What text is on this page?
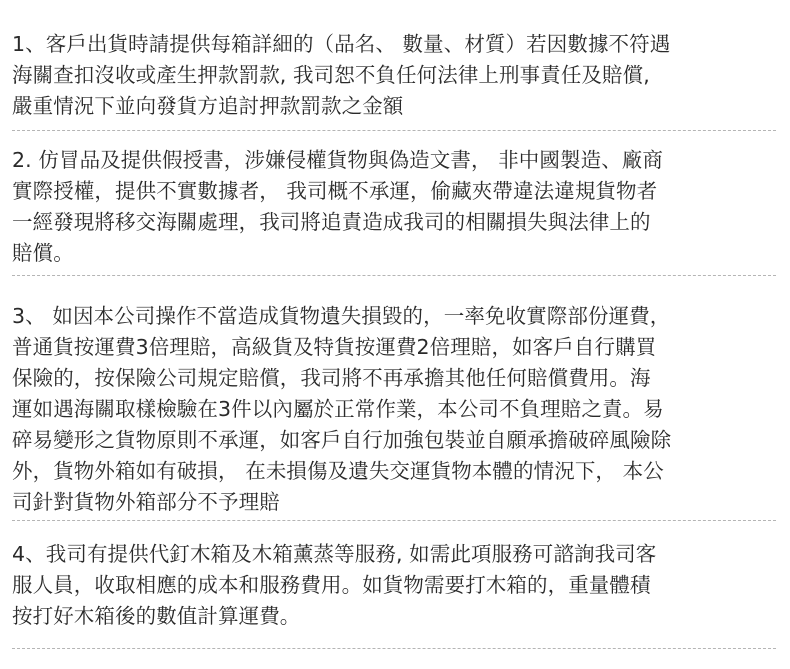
1、客戶出貨時請提供每箱詳細的（品名、 數量、材質）若因數據不符遇
海關查扣沒收或產生押款罰款, 我司恕不負任何法律上刑事責任及賠償,
嚴重情況下並向發貨方追討押款罰款之金額
2. 仿冒品及提供假授書，涉嫌侵權貨物與偽造文書， 非中國製造、廠商
實際授權，提供不實數據者， 我司概不承運，偷藏夾帶違法違規貨物者
一經發現將移交海關處理，我司將追責造成我司的相關損失與法律上的
賠償。
3、 如因本公司操作不當造成貨物遺失損毀的，一率免收實際部份運費，
普通貨按運費3倍理賠，高級貨及特貨按運費2倍理賠，如客戶自行購買
保險的，按保險公司規定賠償，我司將不再承擔其他任何賠償費用。海
運如遇海關取樣檢驗在3件以內屬於正常作業，本公司不負理賠之責。易
碎易變形之貨物原則不承運，如客戶自行加強包裝並自願承擔破碎風險除
外，貨物外箱如有破損， 在未損傷及遺失交運貨物本體的情況下， 本公
司針對貨物外箱部分不予理賠
4、我司有提供代釘木箱及木箱薰蒸等服務, 如需此項服務可諮詢我司客
服人員，收取相應的成本和服務費用。如貨物需要打木箱的，重量體積
按打好木箱後的數值計算運費。
